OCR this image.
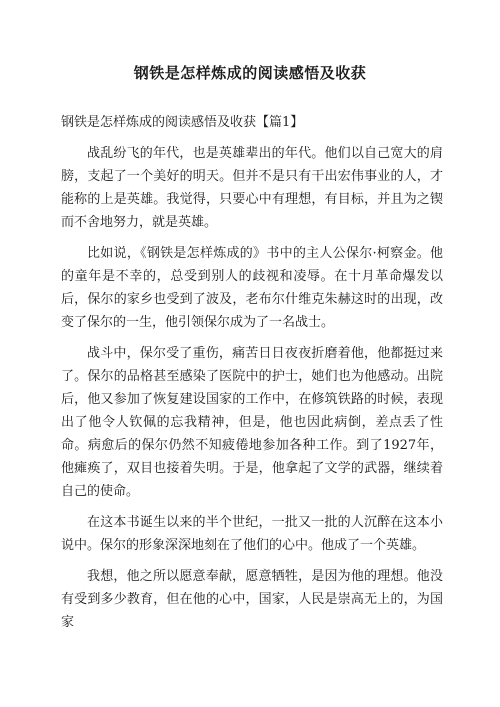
钢铁是怎样炼成的阅读感悟及收获

钢铁是怎样炼成的阅读感悟及收获【篇1】

战乱纷飞的年代，也是英雄辈出的年代。他们以自己宽大的肩膀，支起了一个美好的明天。但并不是只有干出宏伟事业的人，才能称的上是英雄。我觉得，只要心中有理想，有目标，并且为之锲而不舍地努力，就是英雄。

比如说，《钢铁是怎样炼成的》书中的主人公保尔·柯察金。他的童年是不幸的，总受到别人的歧视和凌辱。在十月革命爆发以后，保尔的家乡也受到了波及，老布尔什维克朱赫这时的出现，改变了保尔的一生，他引领保尔成为了一名战士。

战斗中，保尔受了重伤，痛苦日日夜夜折磨着他，他都挺过来了。保尔的品格甚至感染了医院中的护士，她们也为他感动。出院后，他又参加了恢复建设国家的工作中，在修筑铁路的时候，表现出了他令人钦佩的忘我精神，但是，他也因此病倒，差点丢了性命。病愈后的保尔仍然不知疲倦地参加各种工作。到了1927年，他瘫痪了，双目也接着失明。于是，他拿起了文学的武器，继续着自己的使命。

在这本书诞生以来的半个世纪，一批又一批的人沉醉在这本小说中。保尔的形象深深地刻在了他们的心中。他成了一个英雄。

我想，他之所以愿意奉献，愿意牺牲，是因为他的理想。他没有受到多少教育，但在他的心中，国家，人民是崇高无上的，为国家
